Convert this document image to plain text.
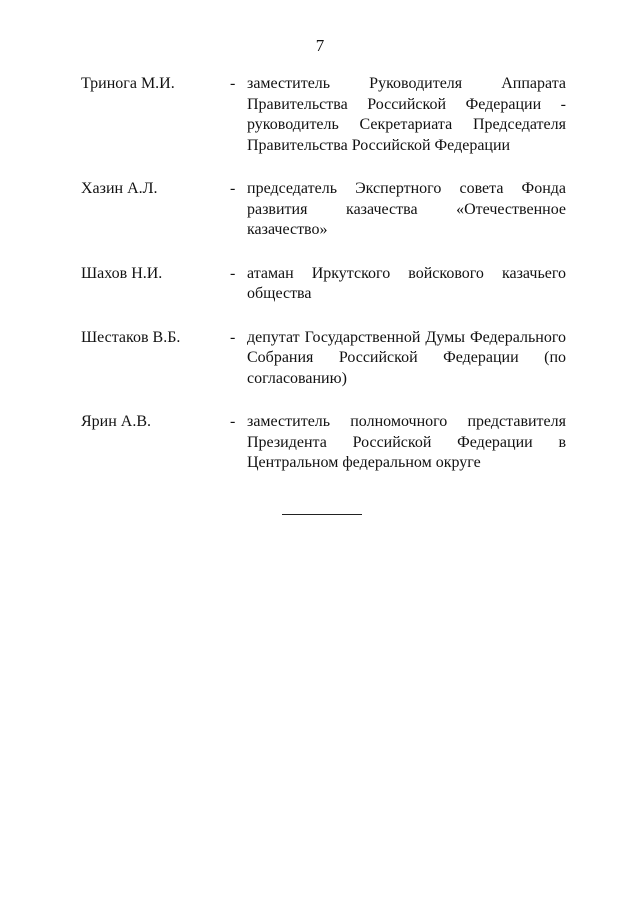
7
Тринога М.И.	- заместитель Руководителя Аппарата Правительства Российской Федерации - руководитель Секретариата Председателя Правительства Российской Федерации
Хазин А.Л.	- председатель Экспертного совета Фонда развития казачества «Отечественное казачество»
Шахов Н.И.	- атаман Иркутского войскового казачьего общества
Шестаков В.Б.	- депутат Государственной Думы Федерального Собрания Российской Федерации (по согласованию)
Ярин А.В.	- заместитель полномочного представителя Президента Российской Федерации в Центральном федеральном округе
